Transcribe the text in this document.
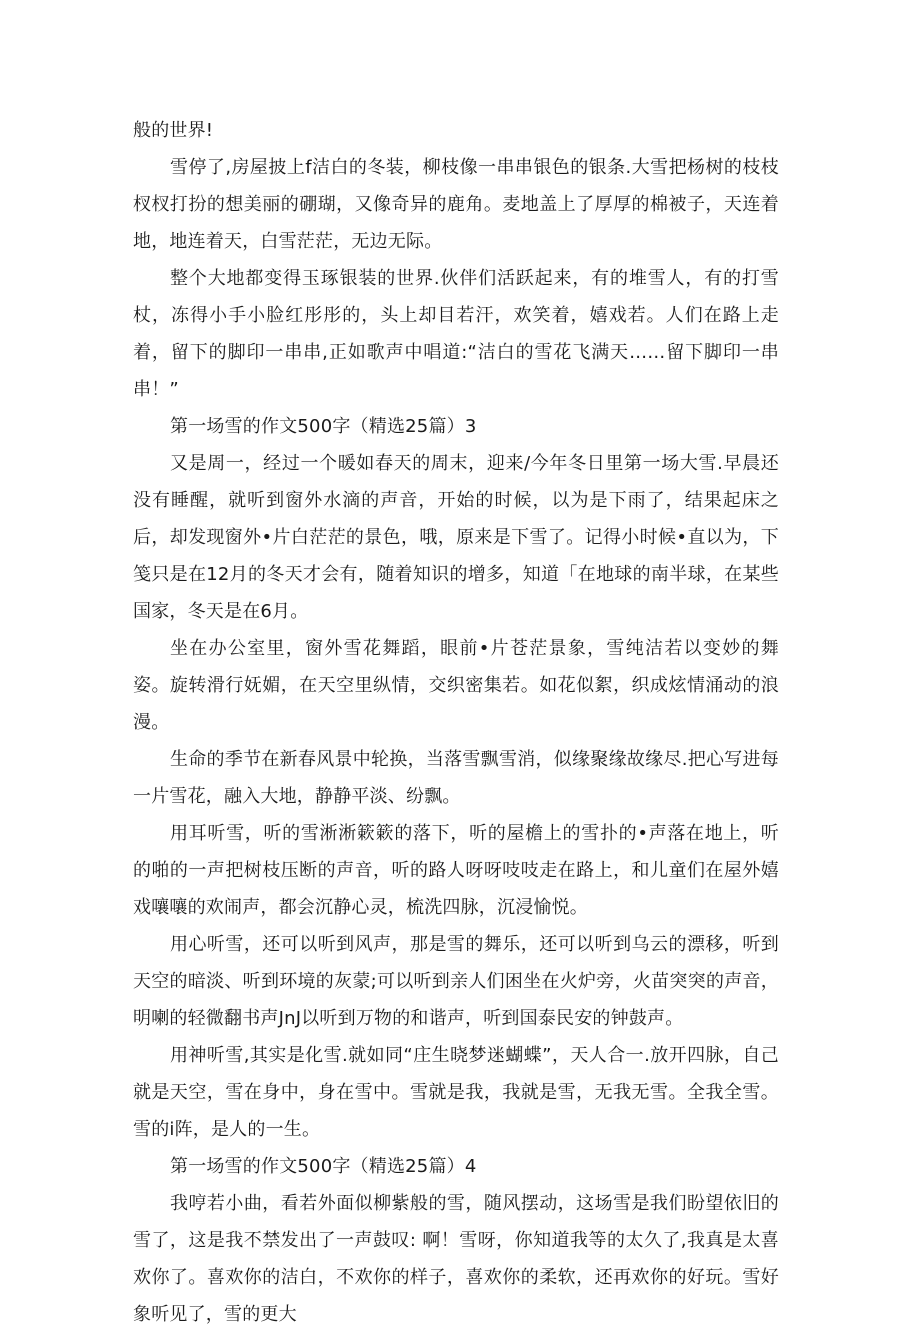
般的世界!

雪停了,房屋披上f洁白的冬装，柳枝像一串串银色的银条.大雪把杨树的枝枝杈杈打扮的想美丽的硼瑚，又像奇异的鹿角。麦地盖上了厚厚的棉被子，天连着地，地连着天，白雪茫茫，无边无际。

整个大地都变得玉琢银装的世界.伙伴们活跃起来，有的堆雪人，有的打雪杖，冻得小手小脸红彤彤的，头上却目若汗，欢笑着，嬉戏若。人们在路上走着，留下的脚印一串串,正如歌声中唱道:“洁白的雪花飞满天……留下脚印一串串！”

第一场雪的作文500字（精选25篇）3

又是周一，经过一个暖如春天的周末，迎来/今年冬日里第一场大雪.早晨还没有睡醒，就听到窗外水滴的声音，开始的时候，以为是下雨了，结果起床之后，却发现窗外•片白茫茫的景色，哦，原来是下雪了。记得小时候•直以为，下笺只是在12月的冬天才会有，随着知识的增多，知道「在地球的南半球，在某些国家，冬天是在6月。

坐在办公室里，窗外雪花舞蹈，眼前•片苍茫景象，雪纯洁若以变妙的舞姿。旋转滑行妩媚，在天空里纵情，交织密集若。如花似絮，织成炫情涌动的浪漫。

生命的季节在新春风景中轮换，当落雪飘雪消，似缘聚缘故缘尽.把心写进每一片雪花，融入大地，静静平淡、纷飘。

用耳听雪，听的雪淅淅簌簌的落下，听的屋檐上的雪扑的•声落在地上，听的啪的一声把树枝压断的声音，听的路人呀呀吱吱走在路上，和儿童们在屋外嬉戏嚷嚷的欢闹声，都会沉静心灵，梳洗四脉，沉浸愉悦。

用心听雪，还可以听到风声，那是雪的舞乐，还可以听到乌云的漂移，听到天空的暗淡、听到环境的灰蒙;可以听到亲人们困坐在火炉旁，火苗突突的声音，明喇的轻微翻书声JnJ以听到万物的和谐声，听到国泰民安的钟鼓声。

用神听雪,其实是化雪.就如同“庄生晓梦迷蝴蝶”，天人合一.放开四脉，自己就是天空，雪在身中，身在雪中。雪就是我，我就是雪，无我无雪。全我全雪。雪的i阵，是人的一生。

第一场雪的作文500字（精选25篇）4

我哼若小曲，看若外面似柳紫般的雪，随风摆动，这场雪是我们盼望依旧的雪了，这是我不禁发出了一声鼓叹: 啊！雪呀，你知道我等的太久了,我真是太喜欢你了。喜欢你的洁白，不欢你的样子，喜欢你的柔软，还再欢你的好玩。雪好象听见了，雪的更大
